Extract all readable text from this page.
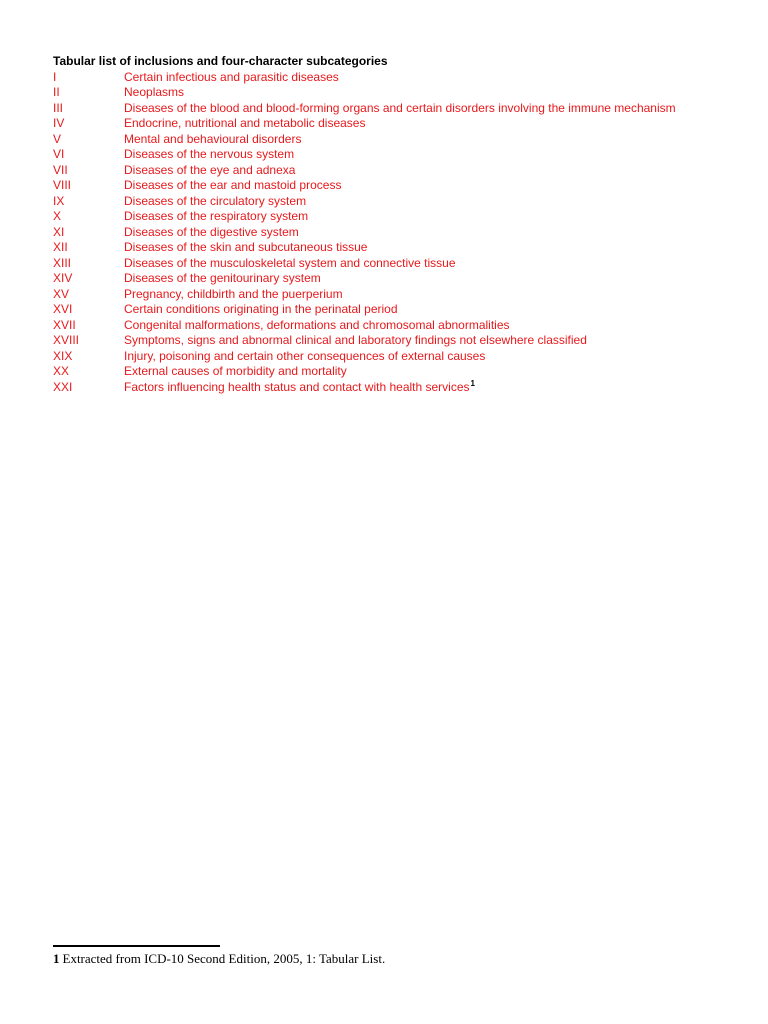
Tabular list of inclusions and four-character subcategories
I	Certain infectious and parasitic diseases
II	Neoplasms
III	Diseases of the blood and blood-forming organs and certain disorders involving the immune mechanism
IV	Endocrine, nutritional and metabolic diseases
V	Mental and behavioural disorders
VI	Diseases of the nervous system
VII	Diseases of the eye and adnexa
VIII	Diseases of the ear and mastoid process
IX	Diseases of the circulatory system
X	Diseases of the respiratory system
XI	Diseases of the digestive system
XII	Diseases of the skin and subcutaneous tissue
XIII	Diseases of the musculoskeletal system and connective tissue
XIV	Diseases of the genitourinary system
XV	Pregnancy, childbirth and the puerperium
XVI	Certain conditions originating in the perinatal period
XVII	Congenital malformations, deformations and chromosomal abnormalities
XVIII	Symptoms, signs and abnormal clinical and laboratory findings not elsewhere classified
XIX	Injury, poisoning and certain other consequences of external causes
XX	External causes of morbidity and mortality
XXI	Factors influencing health status and contact with health services$^1$
1 Extracted from ICD-10 Second Edition, 2005, 1: Tabular List.
